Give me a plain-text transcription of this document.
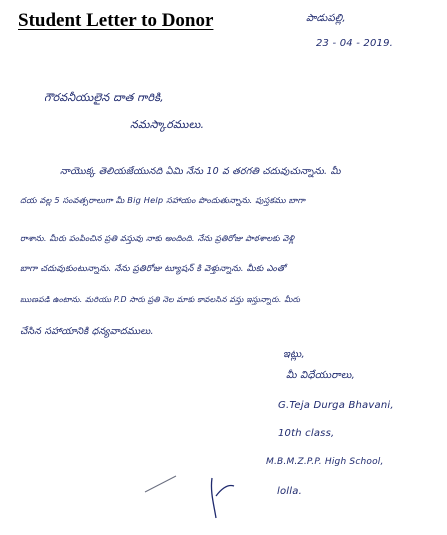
Student Letter to Donor	పాడుపల్లి,
23 - 04 - 2019.
గౌరవనీయులైన దాత గారికి,
నమస్కారములు.
నాయొక్క తెలియజేయునది ఏమి నేను 10 వ తరగతి చదువుచున్నాను. మీ
దయ వల్ల 5 సంవత్సరాలుగా మీ Big Help సహాయం పొందుతున్నాను. పుస్తకము బాగా
రాశాను. మీరు పంపించిన ప్రతి వస్తువు నాకు అందింది. నేను ప్రతిరోజు పాఠశాలకు వెళ్లి
బాగా చదువుకుంటున్నాను. నేను ప్రతిరోజు ట్యూషన్ కి వెళ్తున్నాను. మీకు ఎంతో
ఋణపడి ఉంటాను. మరియు P.D సారు ప్రతి నెల మాకు కావలసిన వస్తు ఇస్తున్నారు. మీరు
చేసిన సహాయానికి ధన్యవాదములు.
ఇట్లు,
మీ విధేయురాలు,
G.Teja Durga Bhavani,
10th class,
M.B.M.Z.P.P. High School,
lolla.
